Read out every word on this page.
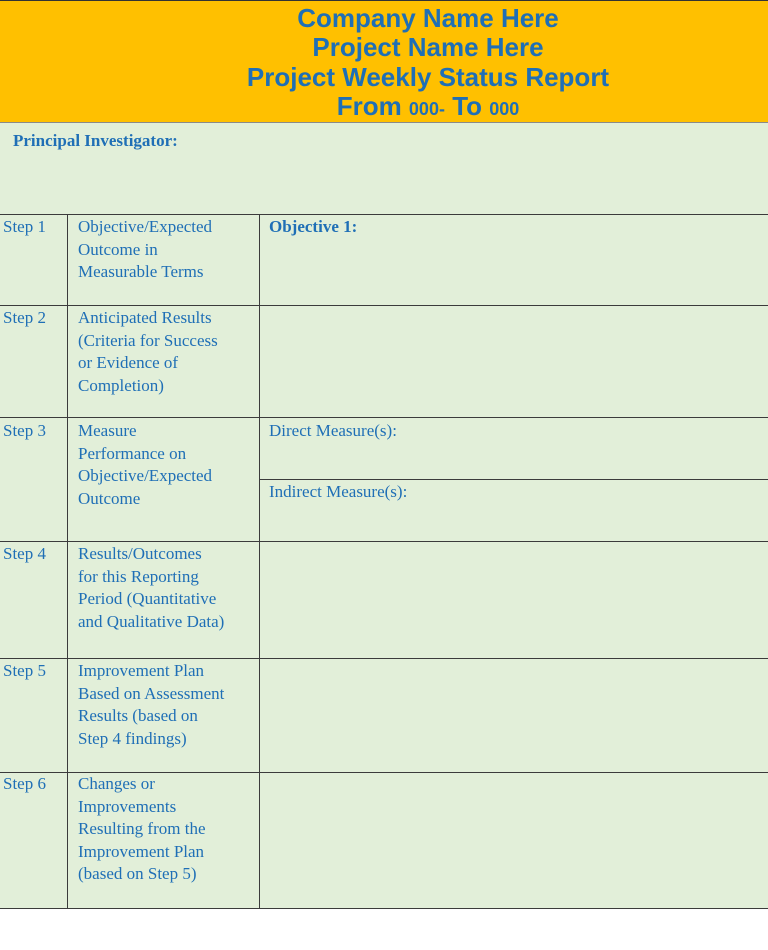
Company Name Here
Project Name Here
Project Weekly Status Report
From 000- To 000
Principal Investigator:
Step 1 Objective/Expected
Outcome in
Measurable Terms
Objective 1:
Step 2 Anticipated Results
(Criteria for Success
or Evidence of
Completion)
Step 3 Measure
Performance on
Objective/Expected
Outcome
Direct Measure(s):
Indirect Measure(s):
Step 4 Results/Outcomes
for this Reporting
Period (Quantitative
and Qualitative Data)
Step 5 Improvement Plan
Based on Assessment
Results (based on
Step 4 findings)
Step 6 Changes or
Improvements
Resulting from the
Improvement Plan
(based on Step 5)
